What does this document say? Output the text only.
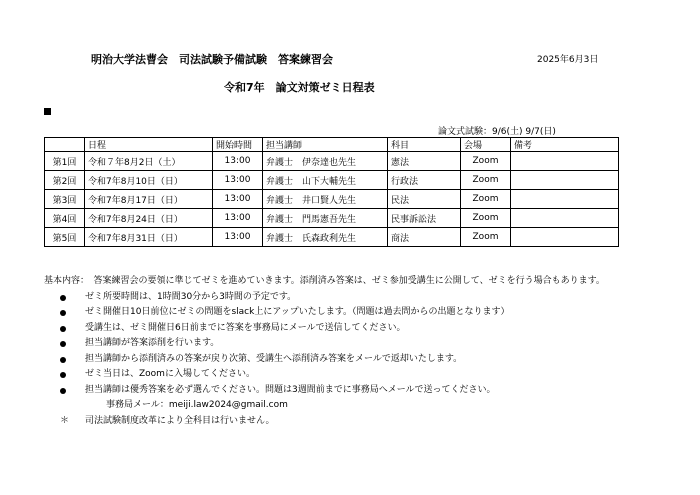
明治大学法曹会　司法試験予備試験　答案練習会	2025年6月3日
令和7年　論文対策ゼミ日程表
論文式試験：9/6(土) 9/7(日)
	日程	開始時間	担当講師	科目	会場	備考
第1回	令和７年8月2日（土）	13:00	弁護士　伊奈達也先生	憲法	Zoom	
第2回	令和7年8月10日（日）	13:00	弁護士　山下大輔先生	行政法	Zoom	
第3回	令和7年8月17日（日）	13:00	弁護士　井口賢人先生	民法	Zoom	
第4回	令和7年8月24日（日）	13:00	弁護士　門馬憲吾先生	民事訴訟法	Zoom	
第5回	令和7年8月31日（日）	13:00	弁護士　氏森政利先生	商法	Zoom	
基本内容：　答案練習会の要領に準じてゼミを進めていきます。添削済み答案は、ゼミ参加受講生に公開して、ゼミを行う場合もあります。
ゼミ所要時間は、1時間30分から3時間の予定です。
ゼミ開催日10日前位にゼミの問題をslack上にアップいたします。（問題は過去問からの出題となります）
受講生は、ゼミ開催日6日前までに答案を事務局にメールで送信してください。
担当講師が答案添削を行います。
担当講師から添削済みの答案が戻り次第、受講生へ添削済み答案をメールで返却いたします。
ゼミ当日は、Zoomに入場してください。
担当講師は優秀答案を必ず選んでください。問題は3週間前までに事務局へメールで送ってください。
事務局メール：meiji.law2024@gmail.com
＊ 司法試験制度改革により全科目は行いません。
